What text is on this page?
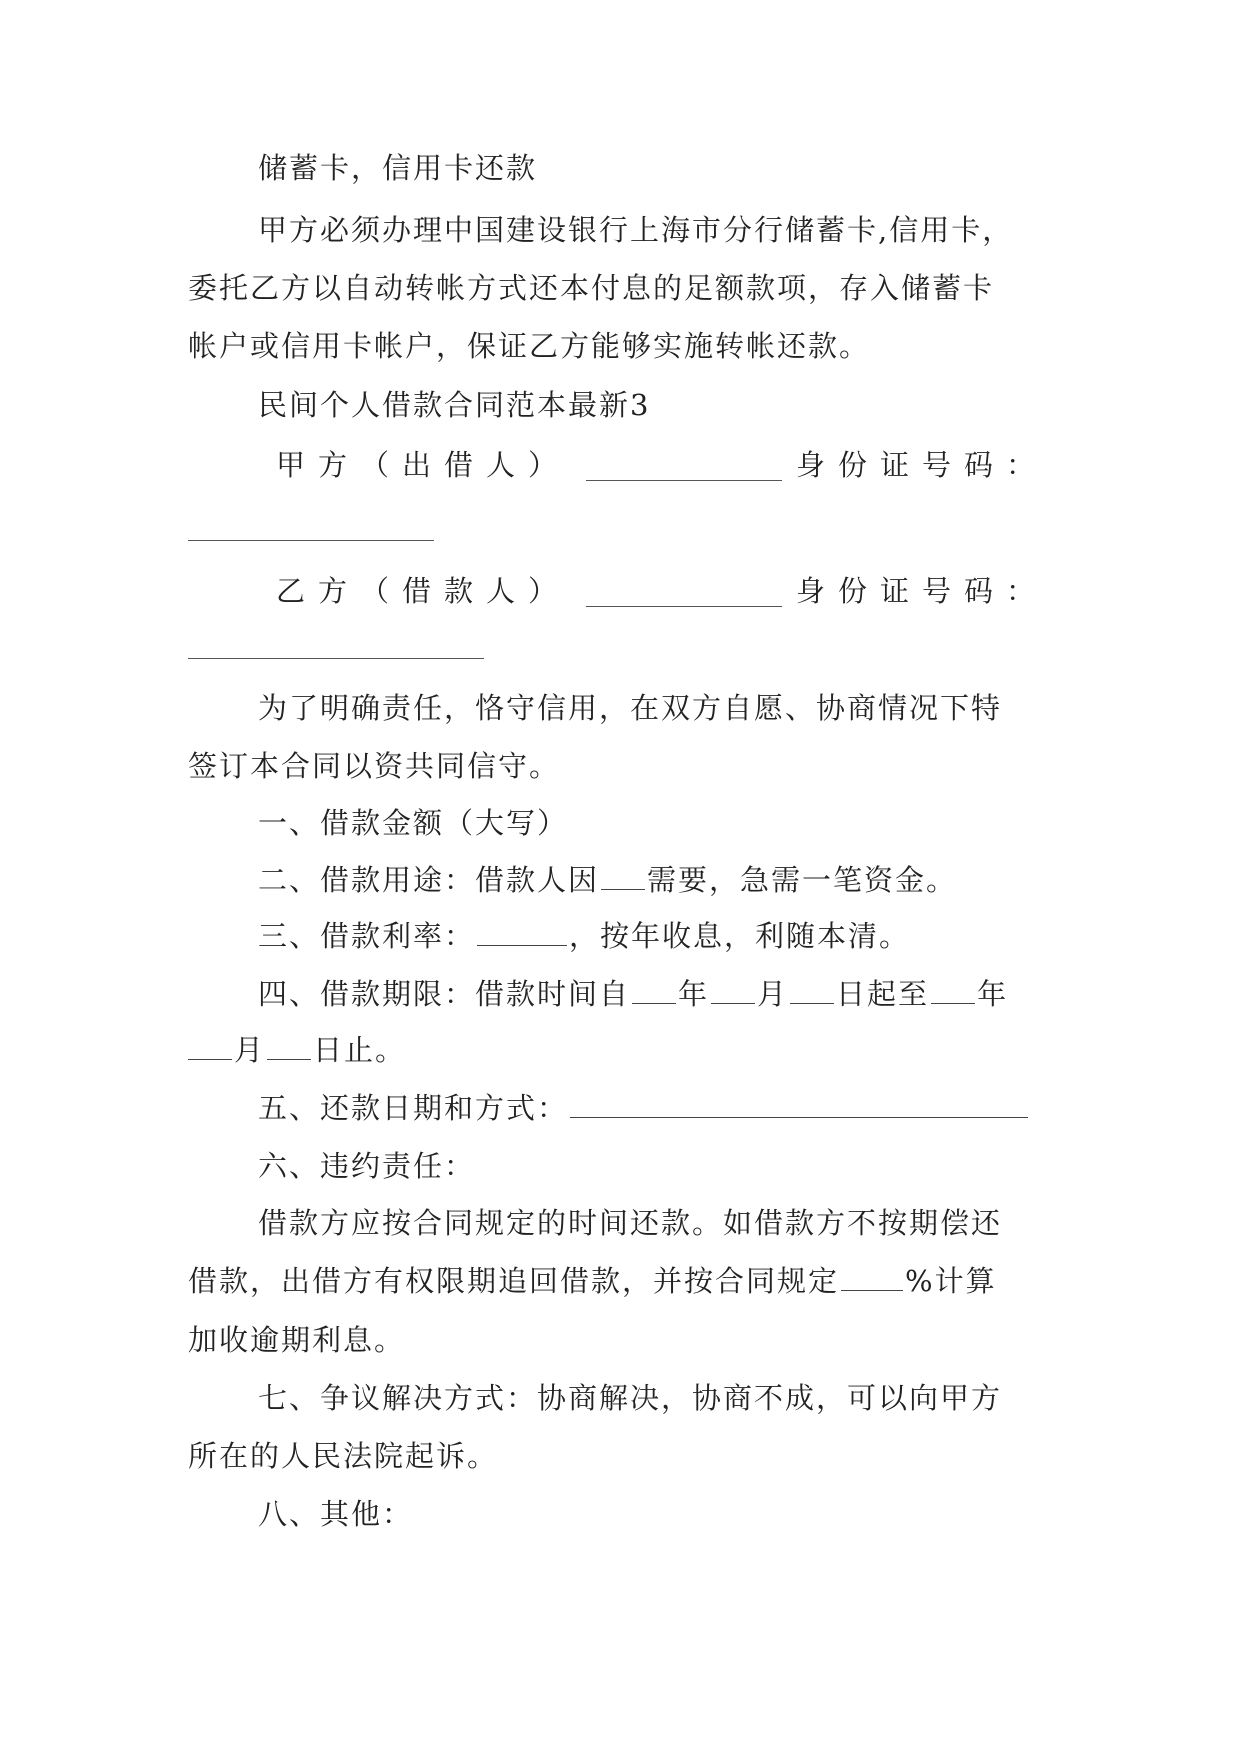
储蓄卡，信用卡还款
甲方必须办理中国建设银行上海市分行储蓄卡,信用卡，
委托乙方以自动转帐方式还本付息的足额款项，存入储蓄卡
帐户或信用卡帐户，保证乙方能够实施转帐还款。
民间个人借款合同范本最新3
甲方（出借人）	身份证号码：
乙方（借款人）	身份证号码：
为了明确责任，恪守信用，在双方自愿、协商情况下特
签订本合同以资共同信守。
一、借款金额（大写）
二、借款用途：借款人因 需要，急需一笔资金。
三、借款利率：	，按年收息，利随本清。
四、借款期限：借款时间自 年 月 日起至 年
月 日止。
五、还款日期和方式：
六、违约责任：
借款方应按合同规定的时间还款。如借款方不按期偿还
借款，出借方有权限期追回借款，并按合同规定 %计算
加收逾期利息。
七、争议解决方式：协商解决，协商不成，可以向甲方
所在的人民法院起诉。
八、其他：
